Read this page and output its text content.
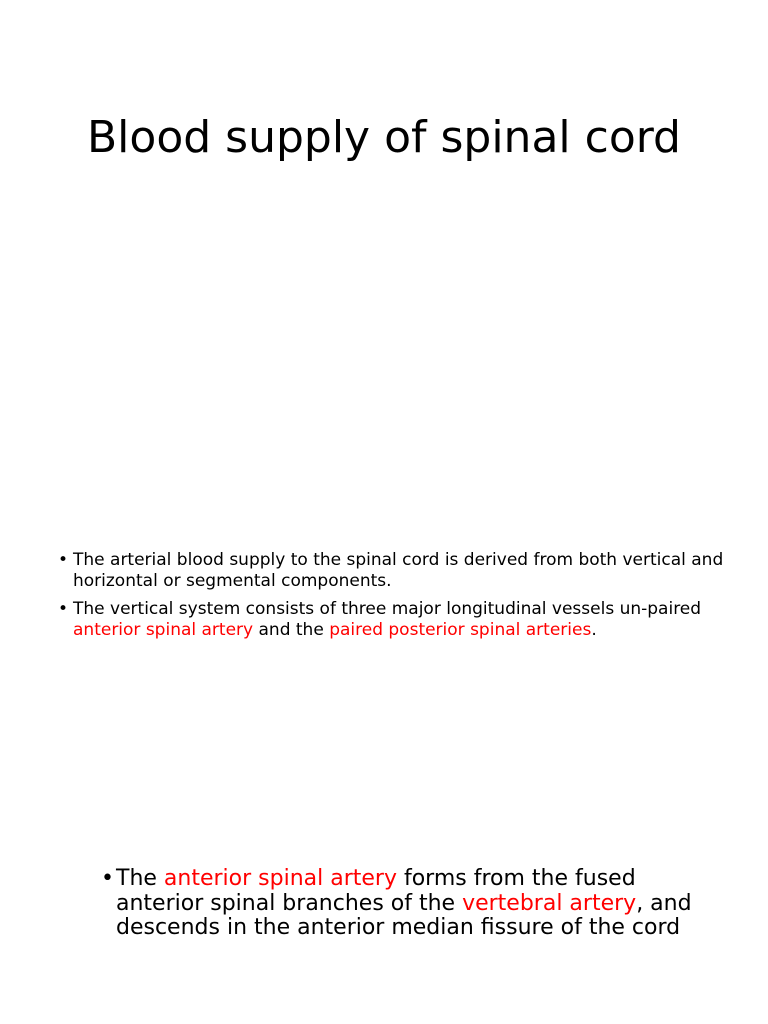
Blood supply of spinal cord
• The arterial blood supply to the spinal cord is derived from both vertical and horizontal or segmental components.
• The vertical system consists of three major longitudinal vessels un-paired anterior spinal artery and the paired posterior spinal arteries.
• The anterior spinal artery forms from the fused anterior spinal branches of the vertebral artery, and descends in the anterior median fissure of the cord
